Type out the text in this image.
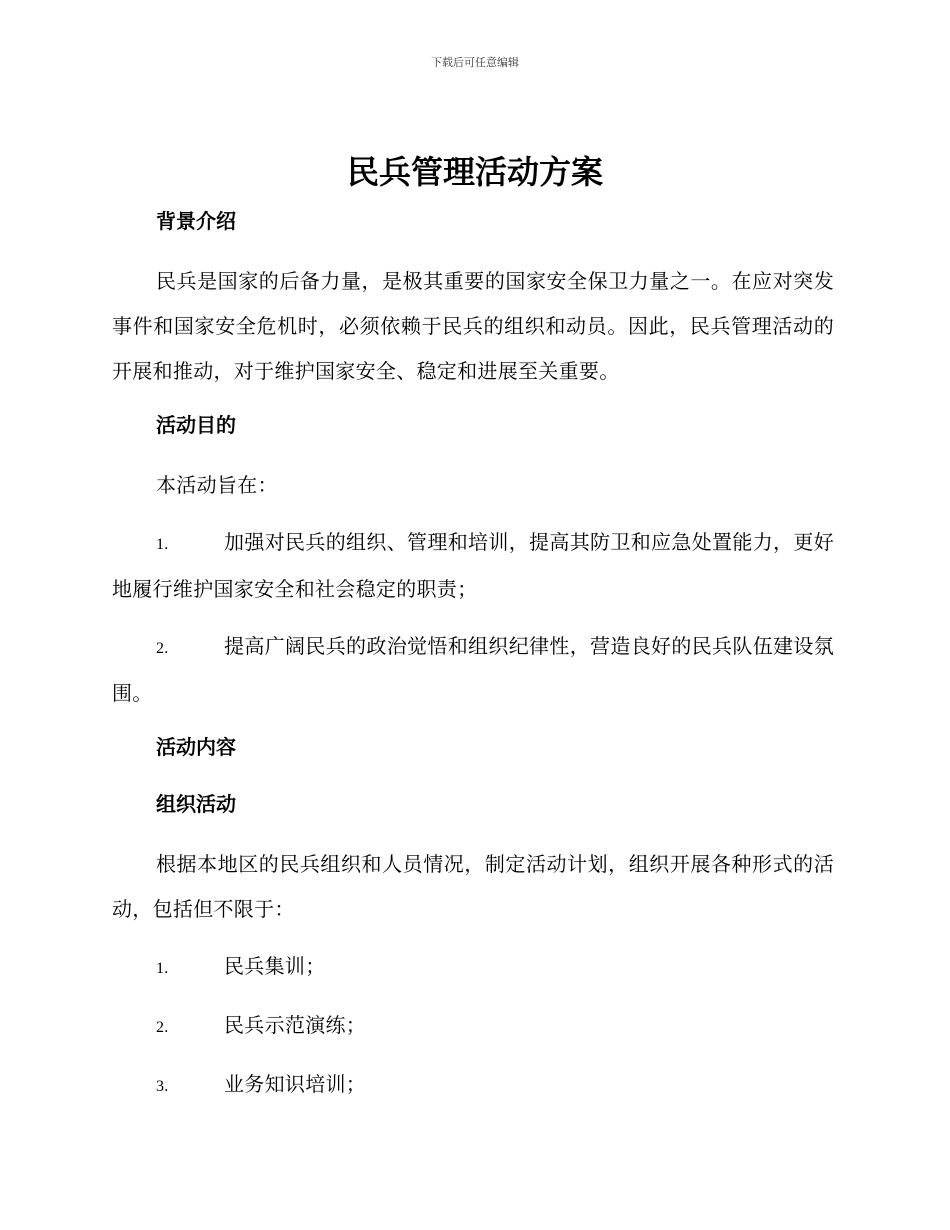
下载后可任意编辑
民兵管理活动方案
背景介绍

民兵是国家的后备力量，是极其重要的国家安全保卫力量之一。在应对突发事件和国家安全危机时，必须依赖于民兵的组织和动员。因此，民兵管理活动的开展和推动，对于维护国家安全、稳定和进展至关重要。

活动目的

本活动旨在：

1.	加强对民兵的组织、管理和培训，提高其防卫和应急处置能力，更好地履行维护国家安全和社会稳定的职责；

2.	提高广阔民兵的政治觉悟和组织纪律性，营造良好的民兵队伍建设氛围。

活动内容
组织活动

根据本地区的民兵组织和人员情况，制定活动计划，组织开展各种形式的活动，包括但不限于：

1.	民兵集训；

2.	民兵示范演练；

3.	业务知识培训；
